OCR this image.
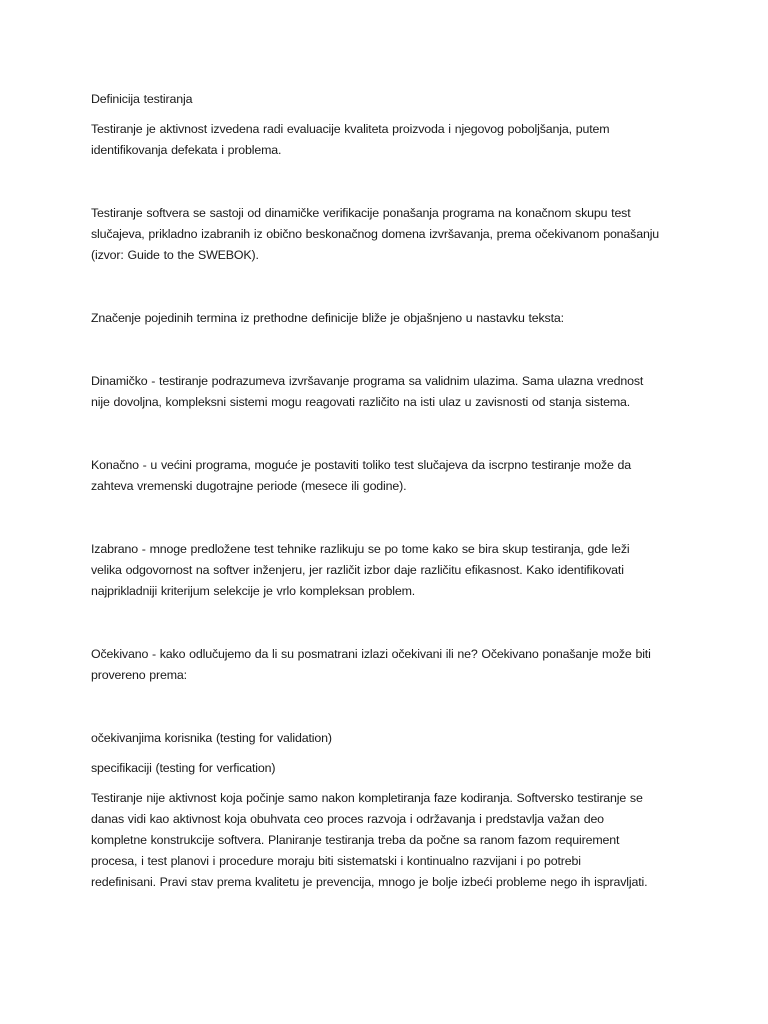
Definicija testiranja

Testiranje je aktivnost izvedena radi evaluacije kvaliteta proizvoda i njegovog poboljšanja, putem
identifikovanja defekata i problema.

Testiranje softvera se sastoji od dinamičke verifikacije ponašanja programa na konačnom skupu test
slučajeva, prikladno izabranih iz obično beskonačnog domena izvršavanja, prema očekivanom ponašanju
(izvor: Guide to the SWEBOK).

Značenje pojedinih termina iz prethodne definicije bliže je objašnjeno u nastavku teksta:

Dinamičko - testiranje podrazumeva izvršavanje programa sa validnim ulazima. Sama ulazna vrednost
nije dovoljna, kompleksni sistemi mogu reagovati različito na isti ulaz u zavisnosti od stanja sistema.

Konačno - u većini programa, moguće je postaviti toliko test slučajeva da iscrpno testiranje može da
zahteva vremenski dugotrajne periode (mesece ili godine).

Izabrano - mnoge predložene test tehnike razlikuju se po tome kako se bira skup testiranja, gde leži
velika odgovornost na softver inženjeru, jer različit izbor daje različitu efikasnost. Kako identifikovati
najprikladniji kriterijum selekcije je vrlo kompleksan problem.

Očekivano - kako odlučujemo da li su posmatrani izlazi očekivani ili ne? Očekivano ponašanje može biti
provereno prema:

očekivanjima korisnika (testing for validation)

specifikaciji (testing for verfication)

Testiranje nije aktivnost koja počinje samo nakon kompletiranja faze kodiranja. Softversko testiranje se
danas vidi kao aktivnost koja obuhvata ceo proces razvoja i održavanja i predstavlja važan deo
kompletne konstrukcije softvera. Planiranje testiranja treba da počne sa ranom fazom requirement
procesa, i test planovi i procedure moraju biti sistematski i kontinualno razvijani i po potrebi
redefinisani. Pravi stav prema kvalitetu je prevencija, mnogo je bolje izbeći probleme nego ih ispravljati.
